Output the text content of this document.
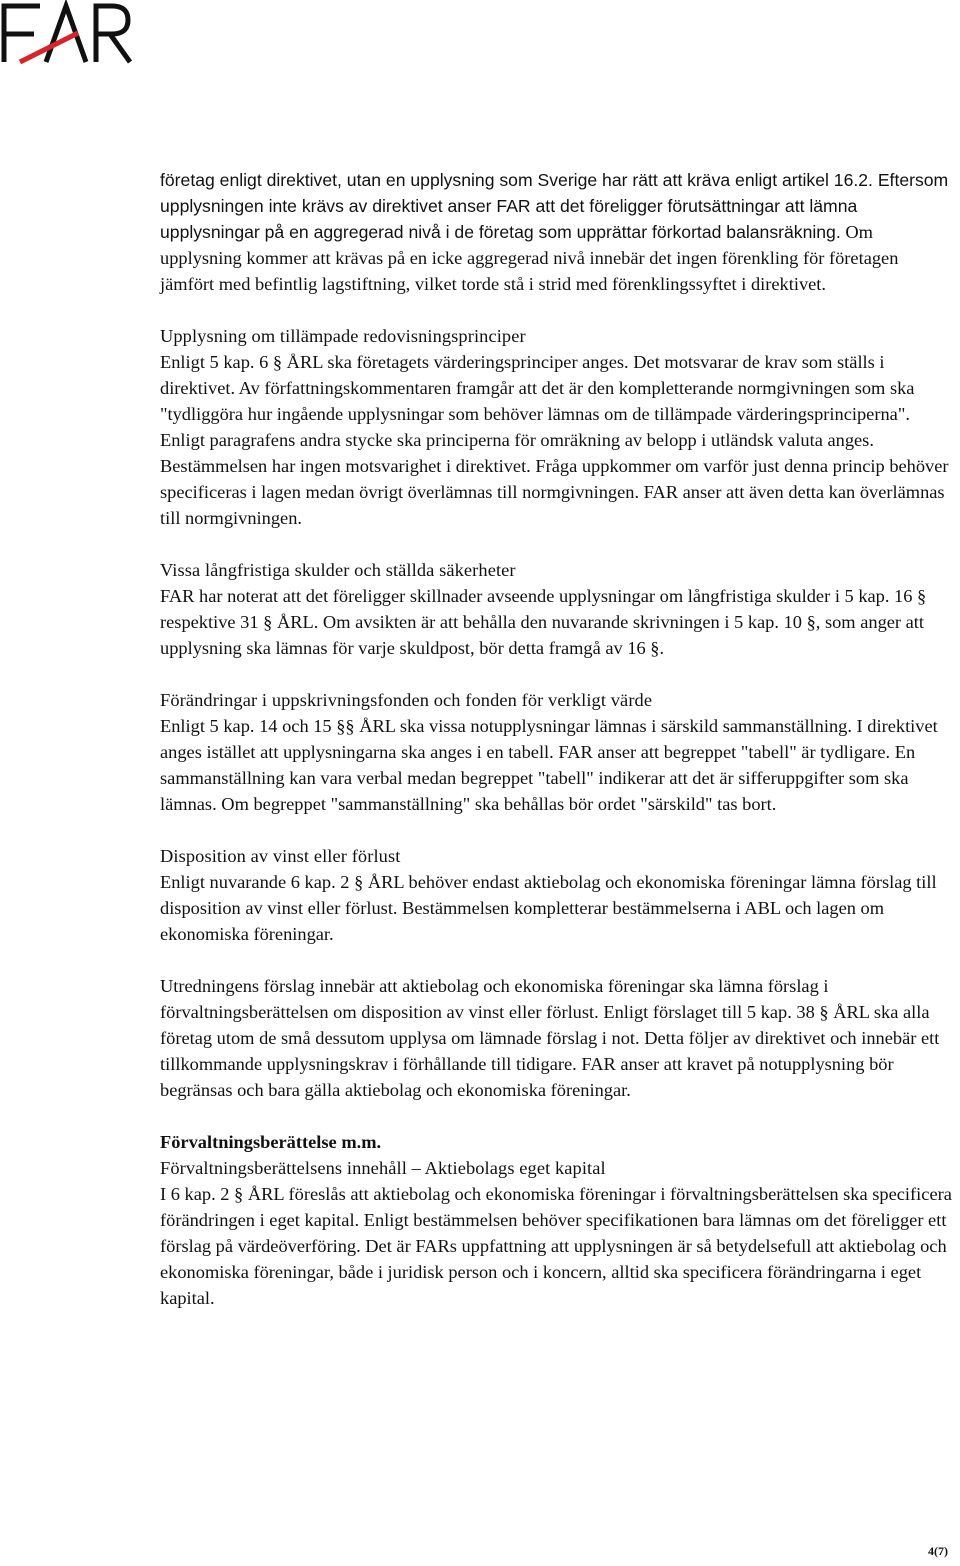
företag enligt direktivet, utan en upplysning som Sverige har rätt att kräva enligt artikel 16.2. Eftersom upplysningen inte krävs av direktivet anser FAR att det föreligger förutsättningar att lämna upplysningar på en aggregerad nivå i de företag som upprättar förkortad balansräkning. Om upplysning kommer att krävas på en icke aggregerad nivå innebär det ingen förenkling för företagen jämfört med befintlig lagstiftning, vilket torde stå i strid med förenklingssyftet i direktivet.

Upplysning om tillämpade redovisningsprinciper

Enligt 5 kap. 6 § ÅRL ska företagets värderingsprinciper anges. Det motsvarar de krav som ställs i direktivet. Av författningskommentaren framgår att det är den kompletterande normgivningen som ska "tydliggöra hur ingående upplysningar som behöver lämnas om de tillämpade värderingsprinciperna". Enligt paragrafens andra stycke ska principerna för omräkning av belopp i utländsk valuta anges. Bestämmelsen har ingen motsvarighet i direktivet. Fråga uppkommer om varför just denna princip behöver specificeras i lagen medan övrigt överlämnas till normgivningen. FAR anser att även detta kan överlämnas till normgivningen.

Vissa långfristiga skulder och ställda säkerheter

FAR har noterat att det föreligger skillnader avseende upplysningar om långfristiga skulder i 5 kap. 16 § respektive 31 § ÅRL. Om avsikten är att behålla den nuvarande skrivningen i 5 kap. 10 §, som anger att upplysning ska lämnas för varje skuldpost, bör detta framgå av 16 §.

Förändringar i uppskrivningsfonden och fonden för verkligt värde

Enligt 5 kap. 14 och 15 §§ ÅRL ska vissa notupplysningar lämnas i särskild sammanställning. I direktivet anges istället att upplysningarna ska anges i en tabell. FAR anser att begreppet "tabell" är tydligare. En sammanställning kan vara verbal medan begreppet "tabell" indikerar att det är sifferuppgifter som ska lämnas. Om begreppet "sammanställning" ska behållas bör ordet "särskild" tas bort.

Disposition av vinst eller förlust

Enligt nuvarande 6 kap. 2 § ÅRL behöver endast aktiebolag och ekonomiska föreningar lämna förslag till disposition av vinst eller förlust. Bestämmelsen kompletterar bestämmelserna i ABL och lagen om ekonomiska föreningar.

Utredningens förslag innebär att aktiebolag och ekonomiska föreningar ska lämna förslag i förvaltningsberättelsen om disposition av vinst eller förlust. Enligt förslaget till 5 kap. 38 § ÅRL ska alla företag utom de små dessutom upplysa om lämnade förslag i not. Detta följer av direktivet och innebär ett tillkommande upplysningskrav i förhållande till tidigare. FAR anser att kravet på notupplysning bör begränsas och bara gälla aktiebolag och ekonomiska föreningar.

Förvaltningsberättelse m.m.

Förvaltningsberättelsens innehåll – Aktiebolags eget kapital

I 6 kap. 2 § ÅRL föreslås att aktiebolag och ekonomiska föreningar i förvaltningsberättelsen ska specificera förändringen i eget kapital. Enligt bestämmelsen behöver specifikationen bara lämnas om det föreligger ett förslag på värdeöverföring. Det är FARs uppfattning att upplysningen är så betydelsefull att aktiebolag och ekonomiska föreningar, både i juridisk person och i koncern, alltid ska specificera förändringarna i eget kapital.

4(7)
